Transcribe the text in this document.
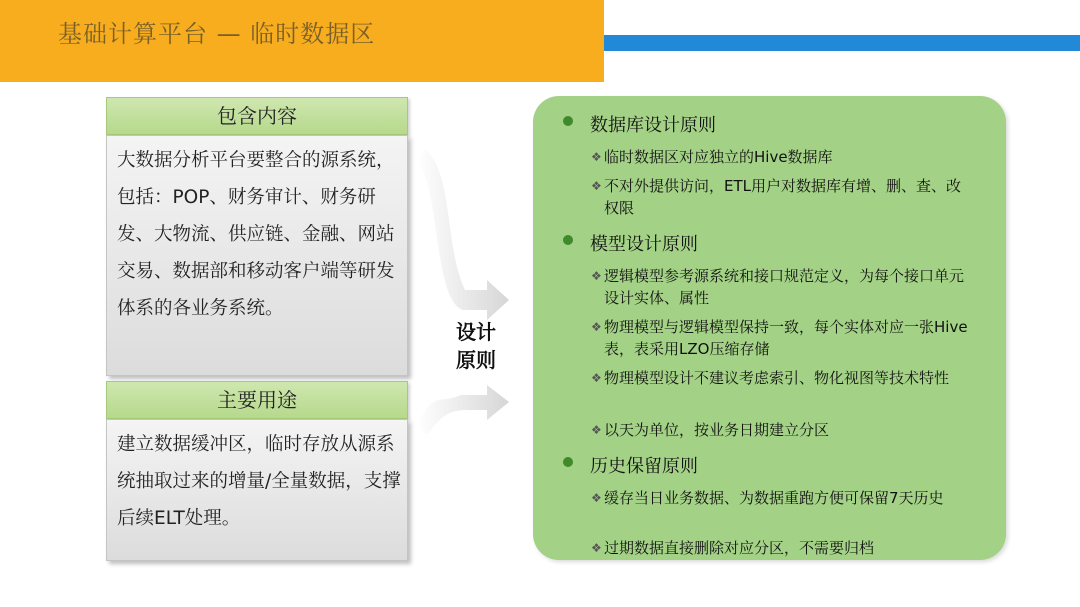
基础计算平台 — 临时数据区
包含内容
大数据分析平台要整合的源系统，包括：POP、财务审计、财务研发、大物流、供应链、金融、网站交易、数据部和移动客户端等研发体系的各业务系统。
主要用途
建立数据缓冲区，临时存放从源系统抽取过来的增量/全量数据，支撑后续ELT处理。
设计
原则
数据库设计原则
❖ 临时数据区对应独立的Hive数据库
❖ 不对外提供访问，ETL用户对数据库有增、删、查、改权限
模型设计原则
❖ 逻辑模型参考源系统和接口规范定义，为每个接口单元设计实体、属性
❖ 物理模型与逻辑模型保持一致，每个实体对应一张Hive表，表采用LZO压缩存储
❖ 物理模型设计不建议考虑索引、物化视图等技术特性
❖ 以天为单位，按业务日期建立分区
历史保留原则
❖ 缓存当日业务数据、为数据重跑方便可保留7天历史
❖ 过期数据直接删除对应分区，不需要归档
